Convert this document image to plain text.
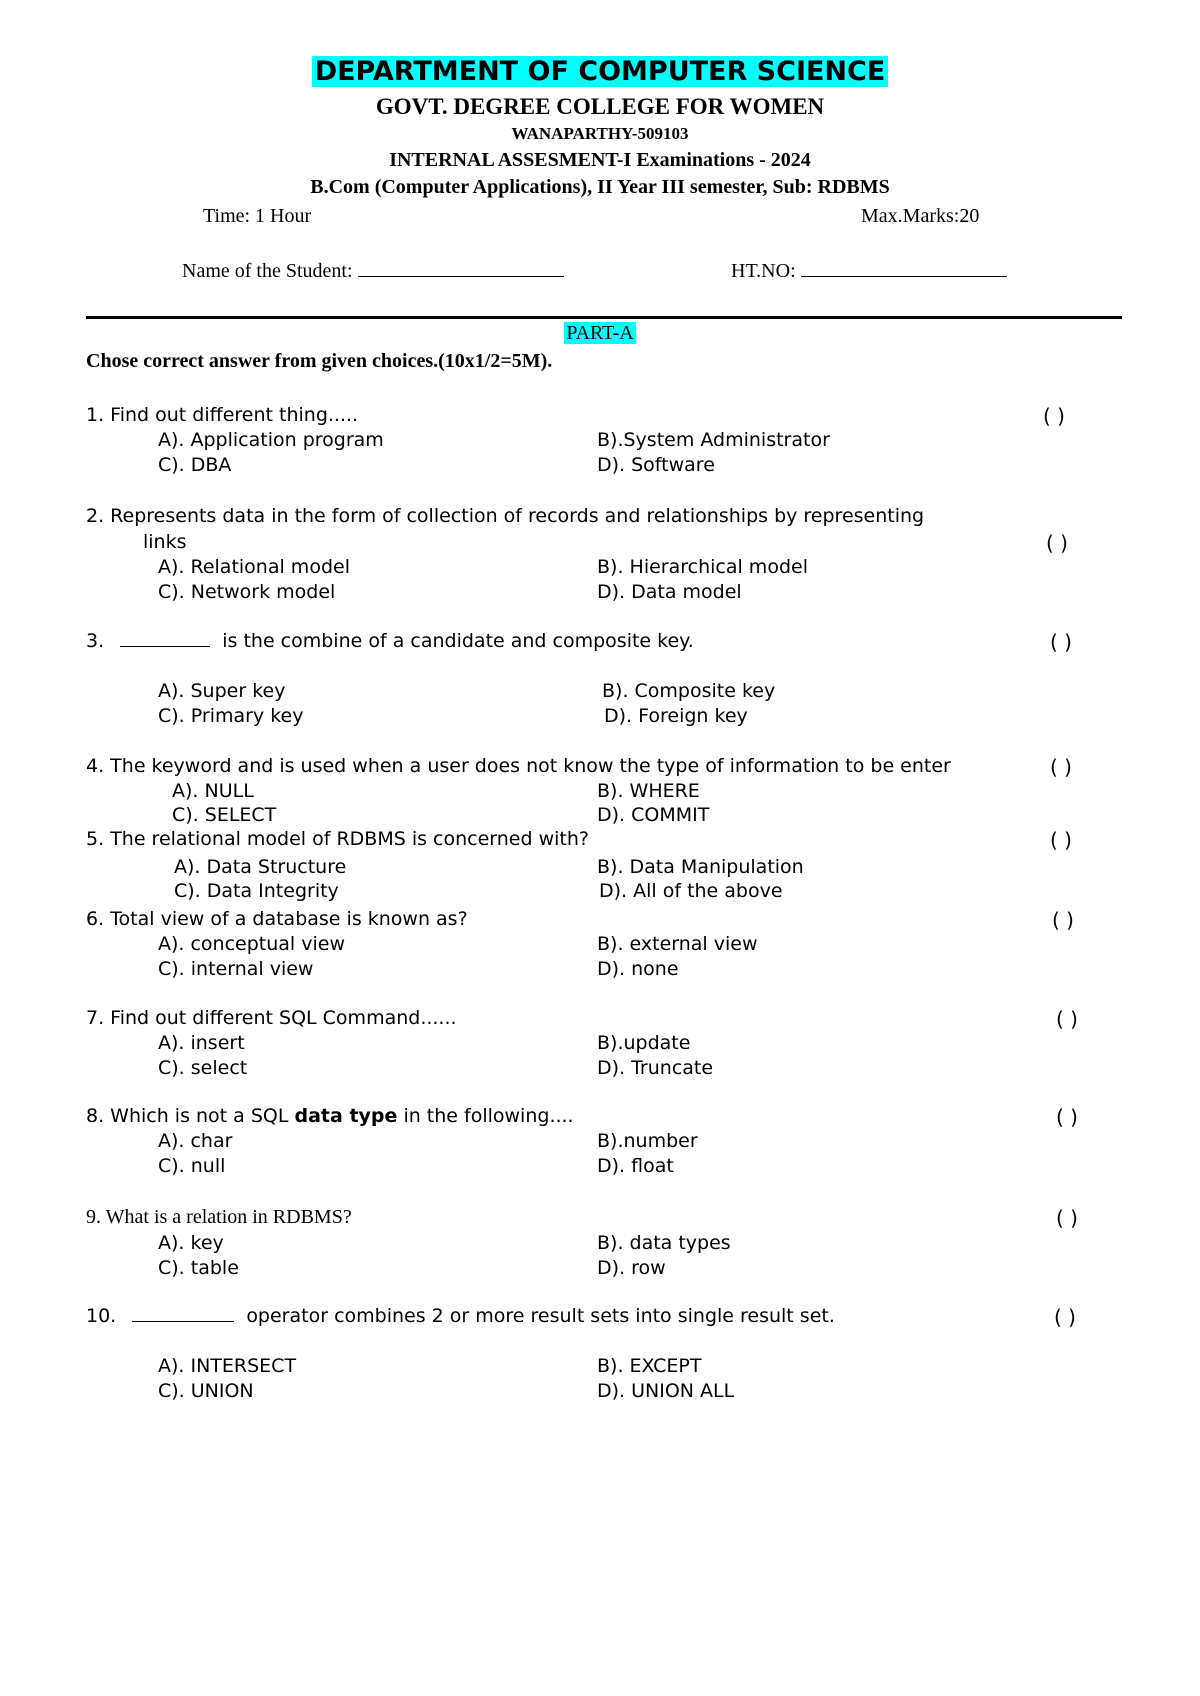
DEPARTMENT OF COMPUTER SCIENCE
GOVT. DEGREE COLLEGE FOR WOMEN
WANAPARTHY-509103
INTERNAL ASSESMENT-I Examinations - 2024
B.Com (Computer Applications), II Year III semester, Sub: RDBMS
Time: 1 Hour	Max.Marks:20
Name of the Student:	HT.NO:
PART-A
Chose correct answer from given choices.(10x1/2=5M).
1. Find out different thing.....	( )
A). Application program	B).System Administrator
C). DBA	D). Software
2. Represents data in the form of collection of records and relationships by representing
links	( )
A). Relational model	B). Hierarchical model
C). Network model	D). Data model
3.	is the combine of a candidate and composite key.	( )
A). Super key	B). Composite key
C). Primary key	D). Foreign key
4. The keyword and is used when a user does not know the type of information to be enter	( )
A). NULL	B). WHERE
C). SELECT	D). COMMIT
5. The relational model of RDBMS is concerned with?	( )
A). Data Structure	B). Data Manipulation
C). Data Integrity	D). All of the above
6. Total view of a database is known as?	( )
A). conceptual view	B). external view
C). internal view	D). none
7. Find out different SQL Command......	( )
A). insert	B).update
C). select	D). Truncate
8. Which is not a SQL data type in the following....	( )
A). char	B).number
C). null	D). float
9. What is a relation in RDBMS?	( )
A). key	B). data types
C). table	D). row
10.	operator combines 2 or more result sets into single result set.	( )
A). INTERSECT	B). EXCEPT
C). UNION	D). UNION ALL
